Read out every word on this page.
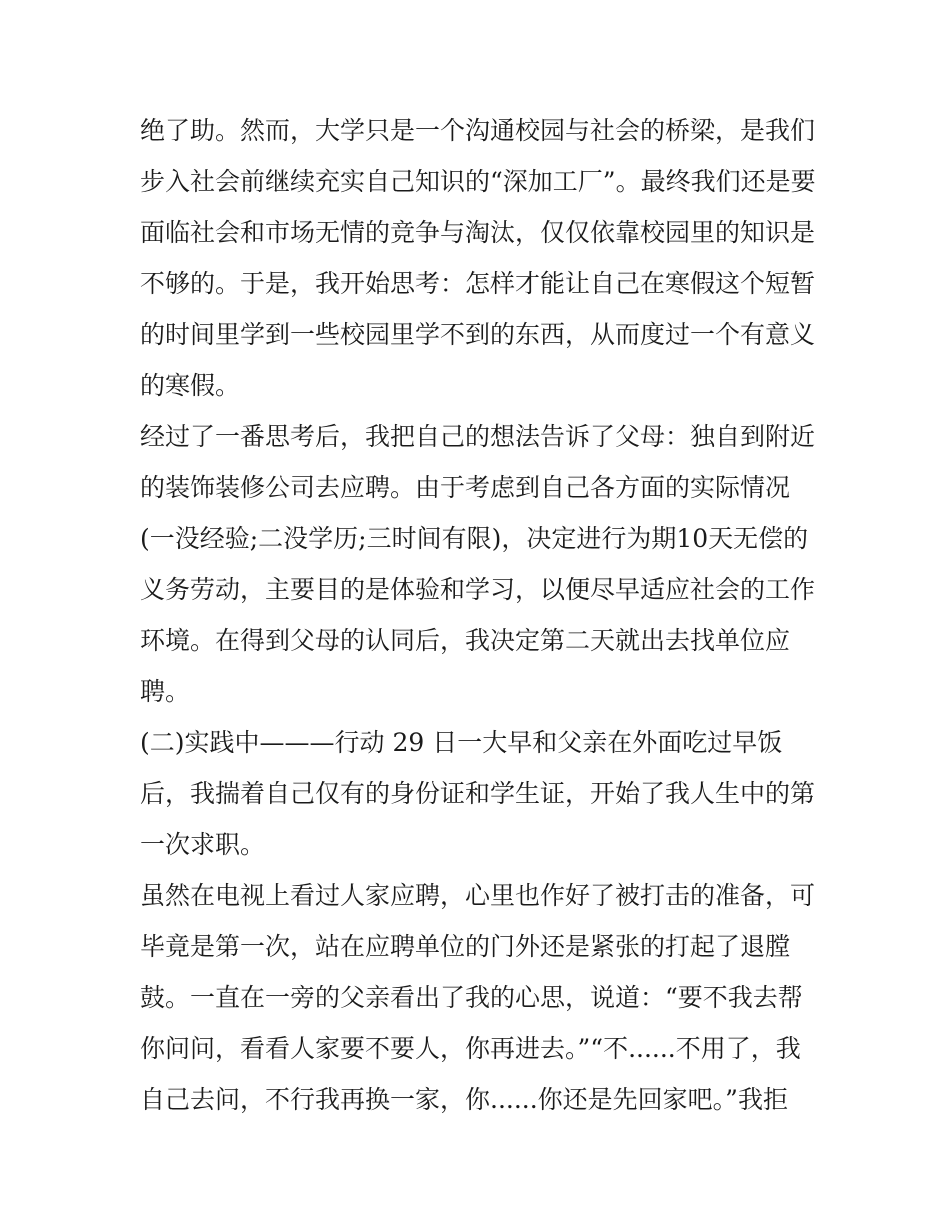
绝了助。然而，大学只是一个沟通校园与社会的桥梁，是我们
步入社会前继续充实自己知识的“深加工厂”。最终我们还是要
面临社会和市场无情的竞争与淘汰，仅仅依靠校园里的知识是
不够的。于是，我开始思考：怎样才能让自己在寒假这个短暂
的时间里学到一些校园里学不到的东西，从而度过一个有意义
的寒假。
经过了一番思考后，我把自己的想法告诉了父母：独自到附近
的装饰装修公司去应聘。由于考虑到自己各方面的实际情况
(一没经验;二没学历;三时间有限)，决定进行为期10天无偿的
义务劳动，主要目的是体验和学习，以便尽早适应社会的工作
环境。在得到父母的认同后，我决定第二天就出去找单位应
聘。
(二)实践中———行动 29 日一大早和父亲在外面吃过早饭
后，我揣着自己仅有的身份证和学生证，开始了我人生中的第
一次求职。
虽然在电视上看过人家应聘，心里也作好了被打击的准备，可
毕竟是第一次，站在应聘单位的门外还是紧张的打起了退膛
鼓。一直在一旁的父亲看出了我的心思，说道：“要不我去帮
你问问，看看人家要不要人，你再进去。”“不......不用了，我
自己去问，不行我再换一家，你......你还是先回家吧。”我拒
